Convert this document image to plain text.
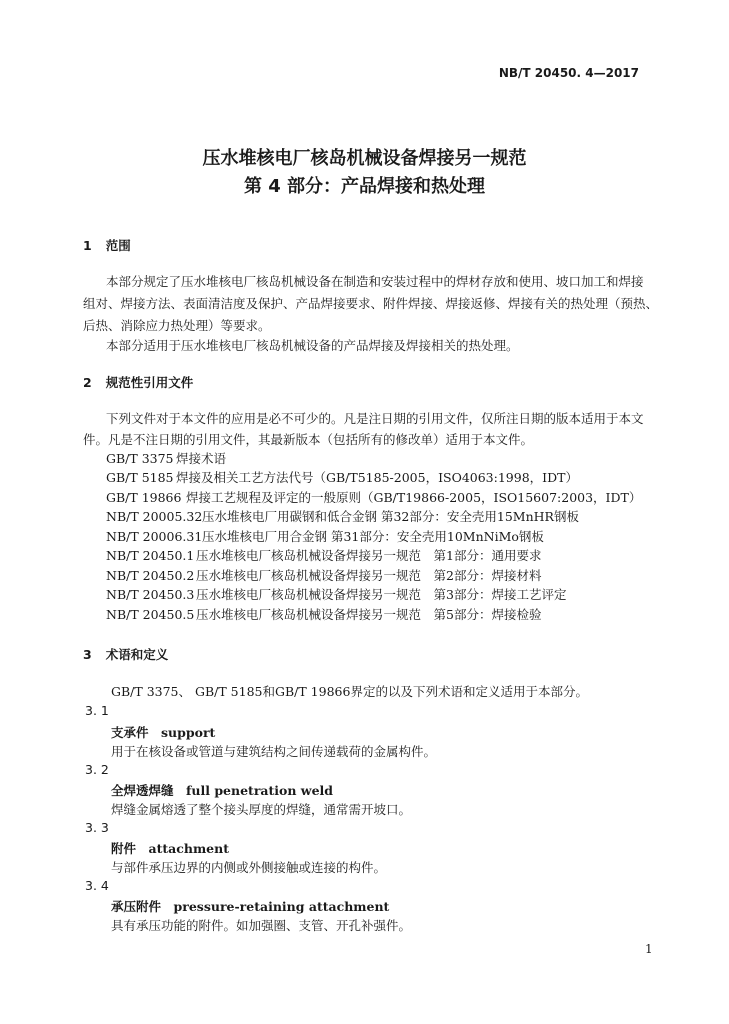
NB/T 20450. 4—2017
压水堆核电厂核岛机械设备焊接另一规范
第 4 部分：产品焊接和热处理
1 范围
本部分规定了压水堆核电厂核岛机械设备在制造和安装过程中的焊材存放和使用、坡口加工和焊接
组对、焊接方法、表面清洁度及保护、产品焊接要求、附件焊接、焊接返修、焊接有关的热处理（预热、
后热、消除应力热处理）等要求。
本部分适用于压水堆核电厂核岛机械设备的产品焊接及焊接相关的热处理。
2 规范性引用文件
下列文件对于本文件的应用是必不可少的。凡是注日期的引用文件，仅所注日期的版本适用于本文
件。凡是不注日期的引用文件，其最新版本（包括所有的修改单）适用于本文件。
GB/T 3375 焊接术语
GB/T 5185 焊接及相关工艺方法代号（GB/T5185-2005，ISO4063:1998，IDT）
GB/T 19866 焊接工艺规程及评定的一般原则（GB/T19866-2005，ISO15607:2003，IDT）
NB/T 20005.32压水堆核电厂用碳钢和低合金钢 第32部分：安全壳用15MnHR钢板
NB/T 20006.31压水堆核电厂用合金钢 第31部分：安全壳用10MnNiMo钢板
NB/T 20450.1 压水堆核电厂核岛机械设备焊接另一规范　第1部分：通用要求
NB/T 20450.2 压水堆核电厂核岛机械设备焊接另一规范　第2部分：焊接材料
NB/T 20450.3 压水堆核电厂核岛机械设备焊接另一规范　第3部分：焊接工艺评定
NB/T 20450.5 压水堆核电厂核岛机械设备焊接另一规范　第5部分：焊接检验
3 术语和定义
GB/T 3375、 GB/T 5185和GB/T 19866界定的以及下列术语和定义适用于本部分。
3. 1
支承件　support
用于在核设备或管道与建筑结构之间传递载荷的金属构件。
3. 2
全焊透焊缝　full penetration weld
焊缝金属熔透了整个接头厚度的焊缝，通常需开坡口。
3. 3
附件　attachment
与部件承压边界的内侧或外侧接触或连接的构件。
3. 4
承压附件　pressure-retaining attachment
具有承压功能的附件。如加强圈、支管、开孔补强件。
1
